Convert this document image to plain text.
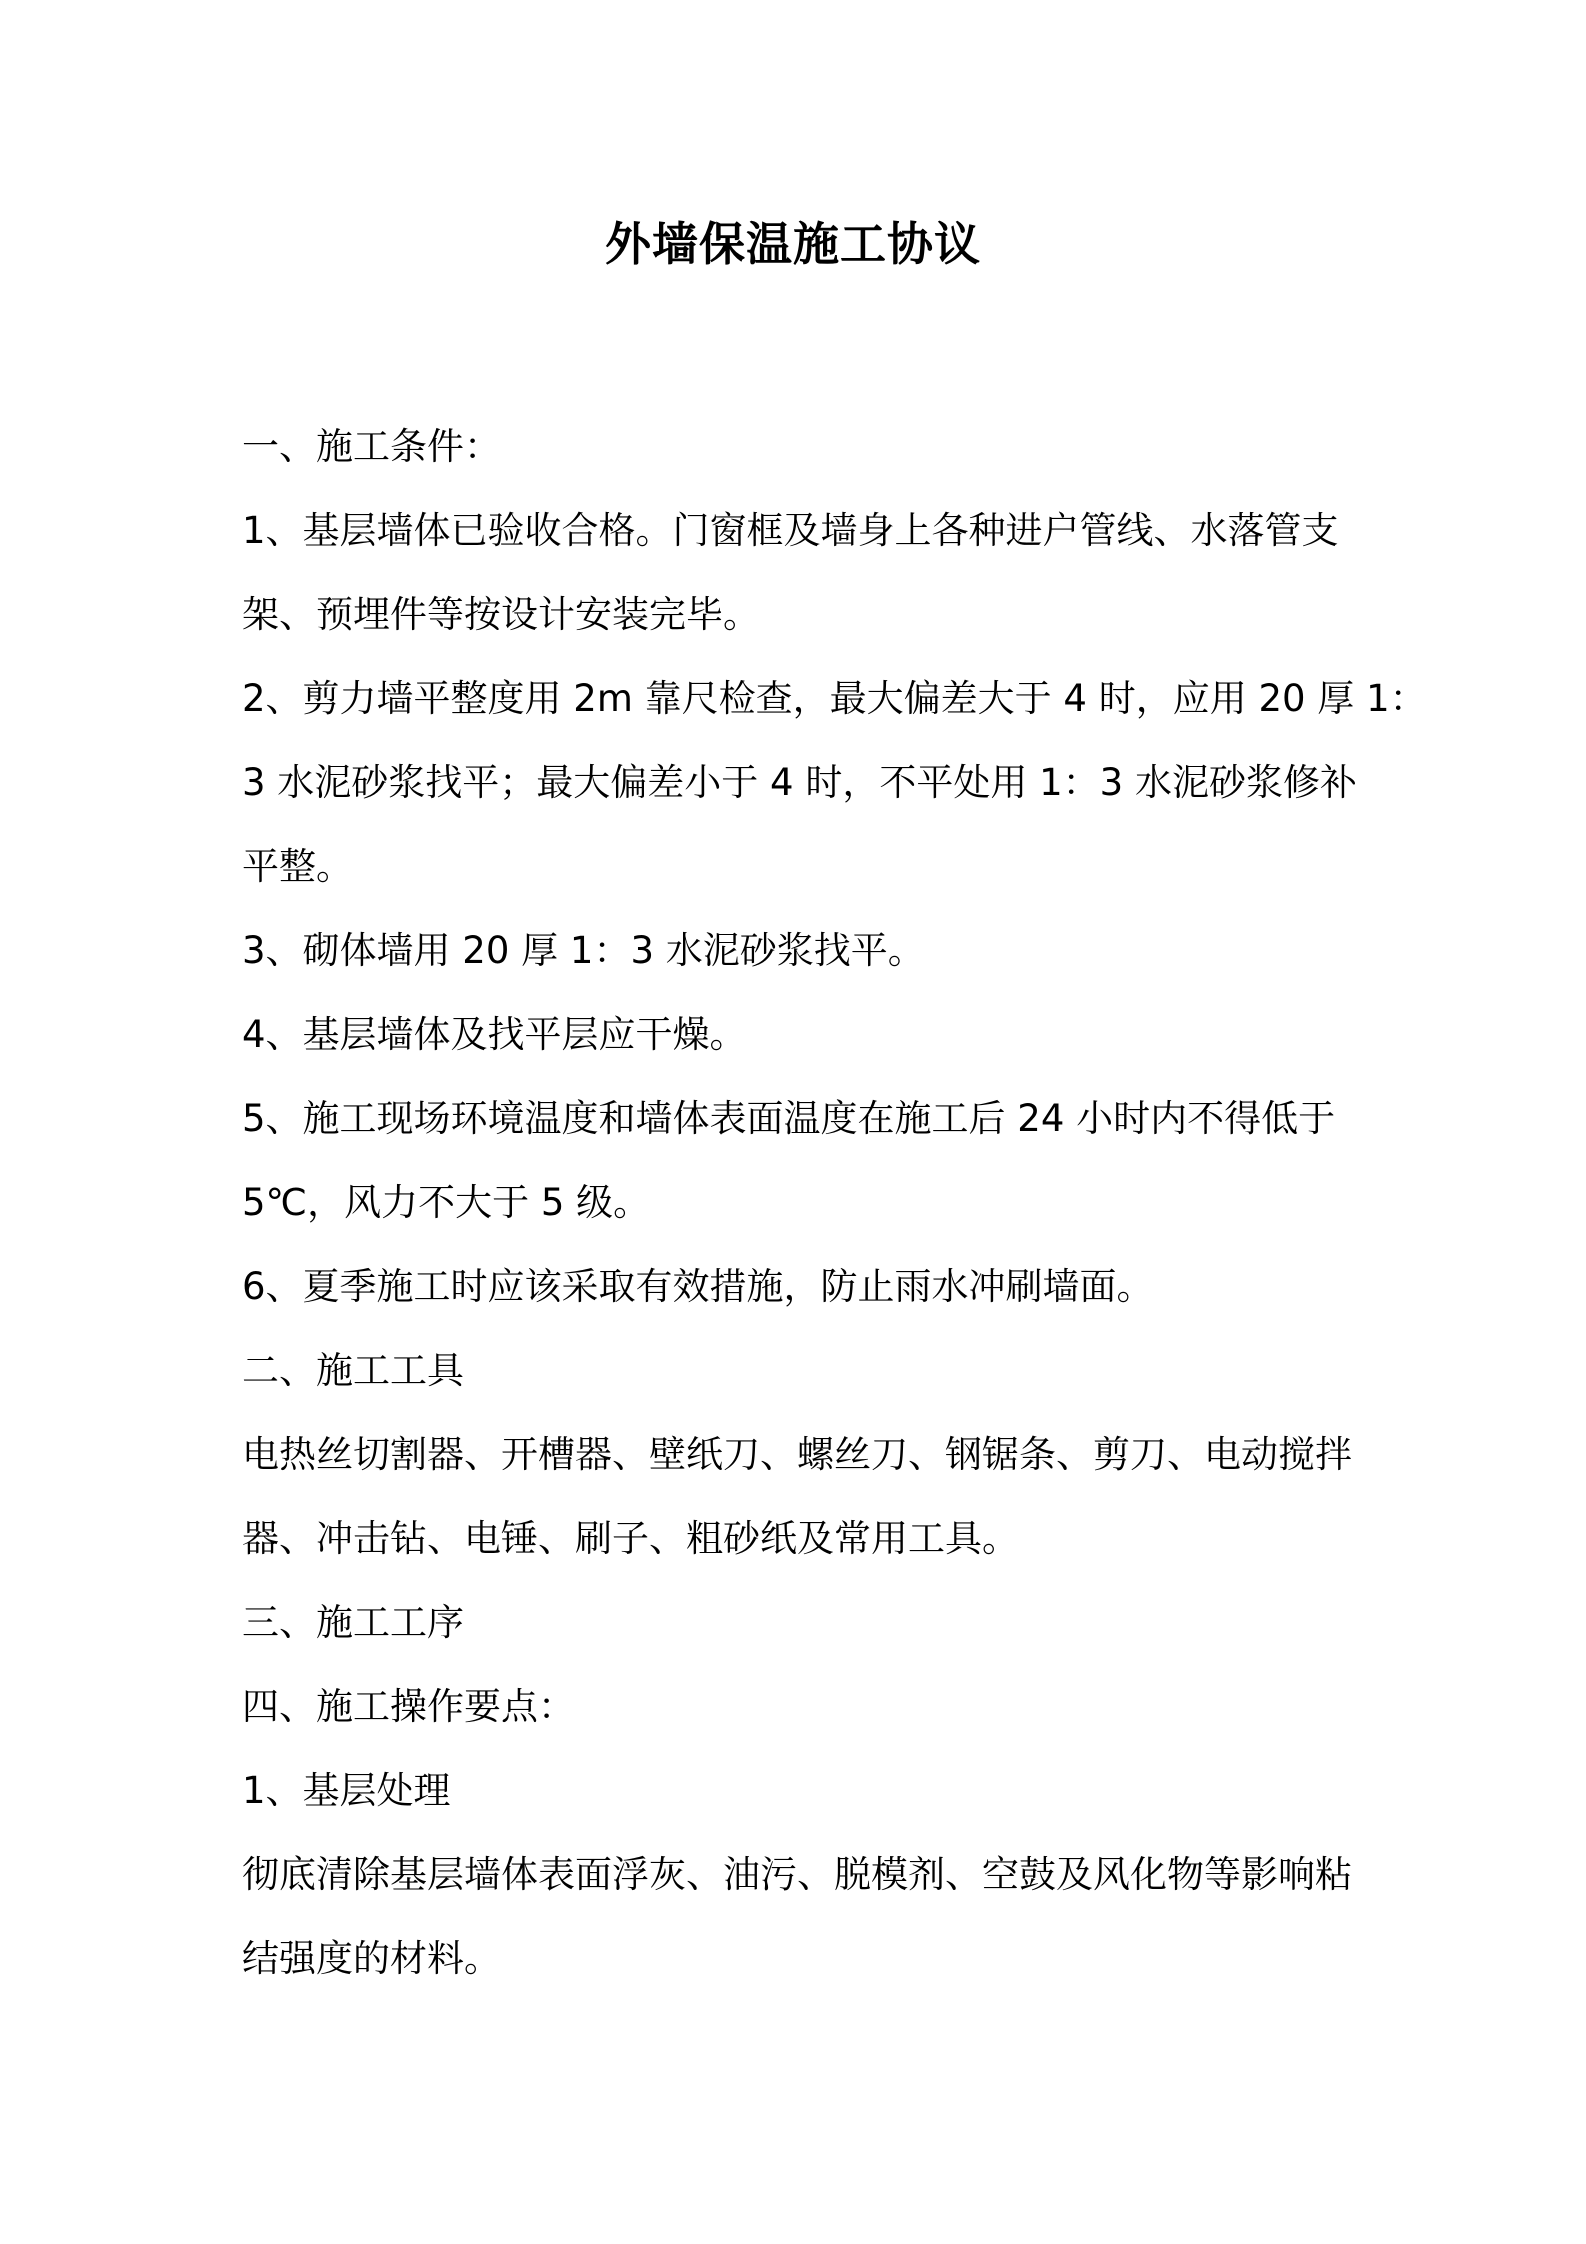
外墙保温施工协议
一、施工条件：
1、基层墙体已验收合格。门窗框及墙身上各种进户管线、水落管支
架、预埋件等按设计安装完毕。
2、剪力墙平整度用 2m 靠尺检查，最大偏差大于 4 时，应用 20 厚 1：
3 水泥砂浆找平；最大偏差小于 4 时，不平处用 1：3 水泥砂浆修补
平整。
3、砌体墙用 20 厚 1：3 水泥砂浆找平。
4、基层墙体及找平层应干燥。
5、施工现场环境温度和墙体表面温度在施工后 24 小时内不得低于
5℃，风力不大于 5 级。
6、夏季施工时应该采取有效措施，防止雨水冲刷墙面。
二、施工工具
电热丝切割器、开槽器、壁纸刀、螺丝刀、钢锯条、剪刀、电动搅拌
器、冲击钻、电锤、刷子、粗砂纸及常用工具。
三、施工工序
四、施工操作要点：
1、基层处理
彻底清除基层墙体表面浮灰、油污、脱模剂、空鼓及风化物等影响粘
结强度的材料。
